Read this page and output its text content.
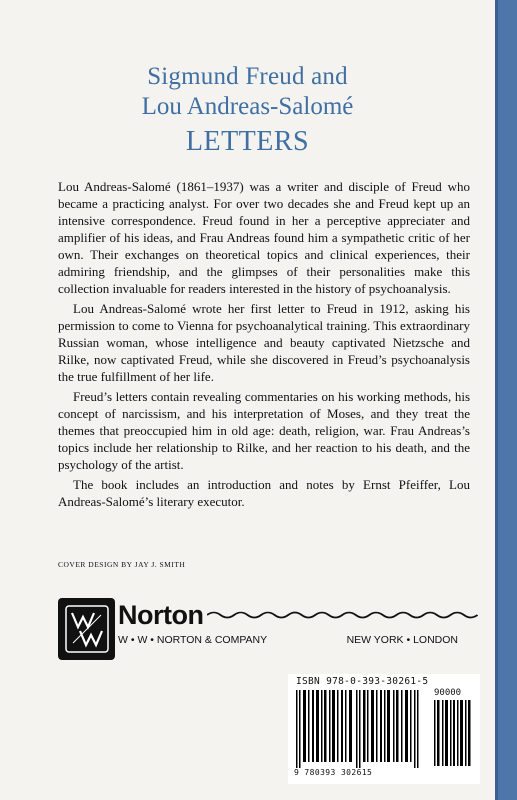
Sigmund Freud and
Lou Andreas-Salomé
LETTERS

Lou Andreas-Salomé (1861–1937) was a writer and disciple of Freud who became a practicing analyst. For over two decades she and Freud kept up an intensive correspondence. Freud found in her a perceptive appreciater and amplifier of his ideas, and Frau Andreas found him a sympathetic critic of her own. Their exchanges on theoretical topics and clinical experiences, their admiring friendship, and the glimpses of their personalities make this collection invaluable for readers interested in the history of psychoanalysis.

Lou Andreas-Salomé wrote her first letter to Freud in 1912, asking his permission to come to Vienna for psychoanalytical training. This extraordinary Russian woman, whose intelligence and beauty captivated Nietzsche and Rilke, now captivated Freud, while she discovered in Freud’s psychoanalysis the true fulfillment of her life.

Freud’s letters contain revealing commentaries on his working methods, his concept of narcissism, and his interpretation of Moses, and they treat the themes that preoccupied him in old age: death, religion, war. Frau Andreas’s topics include her relationship to Rilke, and her reaction to his death, and the psychology of the artist.

The book includes an introduction and notes by Ernst Pfeiffer, Lou Andreas-Salomé’s literary executor.

COVER DESIGN BY JAY J. SMITH
Norton
W • W • NORTON & COMPANY	NEW YORK • LONDON
ISBN 978-0-393-30261-5
90000
9 780393 302615
